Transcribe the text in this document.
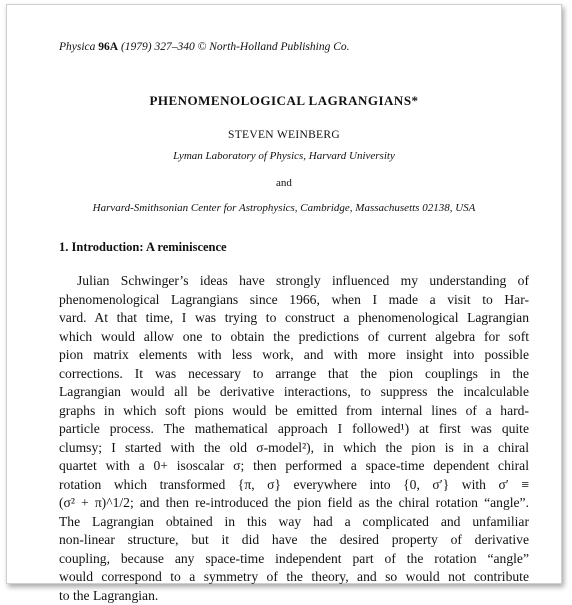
Physica 96A (1979) 327–340 © North-Holland Publishing Co.
PHENOMENOLOGICAL LAGRANGIANS*
STEVEN WEINBERG
Lyman Laboratory of Physics, Harvard University
and
Harvard-Smithsonian Center for Astrophysics, Cambridge, Massachusetts 02138, USA
1. Introduction: A reminiscence
Julian Schwinger’s ideas have strongly influenced my understanding of
phenomenological Lagrangians since 1966, when I made a visit to Har-
vard. At that time, I was trying to construct a phenomenological Lagrangian
which would allow one to obtain the predictions of current algebra for soft
pion matrix elements with less work, and with more insight into possible
corrections. It was necessary to arrange that the pion couplings in the
Lagrangian would all be derivative interactions, to suppress the incalculable
graphs in which soft pions would be emitted from internal lines of a hard-
particle process. The mathematical approach I followed¹) at first was quite
clumsy; I started with the old σ-model²), in which the pion is in a chiral
quartet with a 0+ isoscalar σ; then performed a space-time dependent chiral
rotation which transformed {π, σ} everywhere into {0, σ′} with σ′ ≡
(σ² + π)^1/2; and then re-introduced the pion field as the chiral rotation “angle”.
The Lagrangian obtained in this way had a complicated and unfamiliar
non-linear structure, but it did have the desired property of derivative
coupling, because any space-time independent part of the rotation “angle”
would correspond to a symmetry of the theory, and so would not contribute
to the Lagrangian.
